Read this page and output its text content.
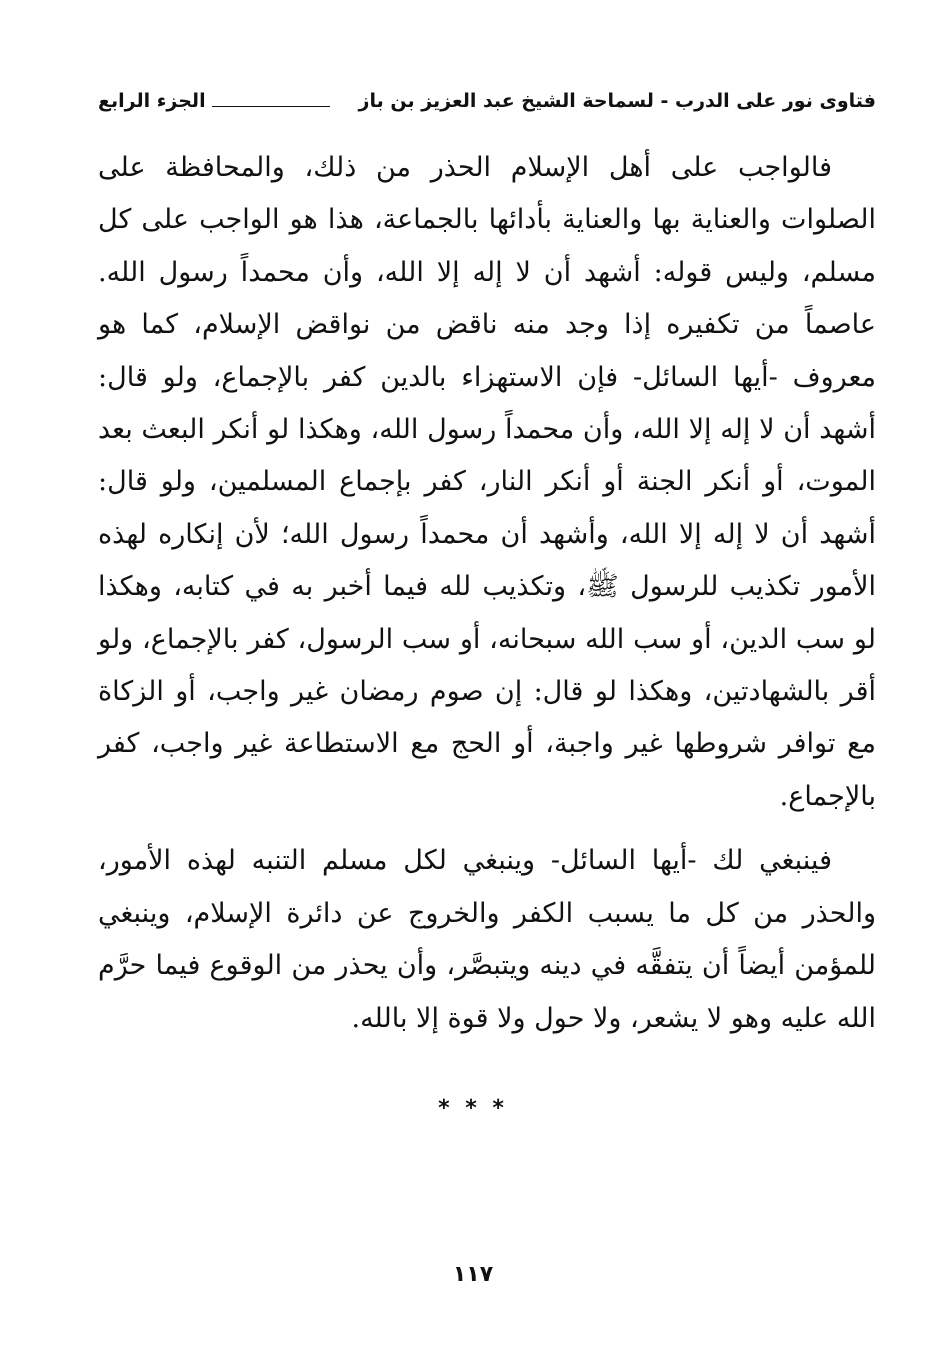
فتاوى نور على الدرب - لسماحة الشيخ عبد العزيز بن باز
الجزء الرابع

فالواجب على أهل الإسلام الحذر من ذلك، والمحافظة على الصلوات والعناية بها والعناية بأدائها بالجماعة، هذا هو الواجب على كل مسلم، وليس قوله: أشهد أن لا إله إلا الله، وأن محمداً رسول الله. عاصماً من تكفيره إذا وجد منه ناقض من نواقض الإسلام، كما هو معروف -أيها السائل- فإن الاستهزاء بالدين كفر بالإجماع، ولو قال: أشهد أن لا إله إلا الله، وأن محمداً رسول الله، وهكذا لو أنكر البعث بعد الموت، أو أنكر الجنة أو أنكر النار، كفر بإجماع المسلمين، ولو قال: أشهد أن لا إله إلا الله، وأشهد أن محمداً رسول الله؛ لأن إنكاره لهذه الأمور تكذيب للرسول ﷺ، وتكذيب لله فيما أخبر به في كتابه، وهكذا لو سب الدين، أو سب الله سبحانه، أو سب الرسول، كفر بالإجماع، ولو أقر بالشهادتين، وهكذا لو قال: إن صوم رمضان غير واجب، أو الزكاة مع توافر شروطها غير واجبة، أو الحج مع الاستطاعة غير واجب، كفر بالإجماع.

فينبغي لك -أيها السائل- وينبغي لكل مسلم التنبه لهذه الأمور، والحذر من كل ما يسبب الكفر والخروج عن دائرة الإسلام، وينبغي للمؤمن أيضاً أن يتفقَّه في دينه ويتبصَّر، وأن يحذر من الوقوع فيما حرَّم الله عليه وهو لا يشعر، ولا حول ولا قوة إلا بالله.

* * *
١١٧
